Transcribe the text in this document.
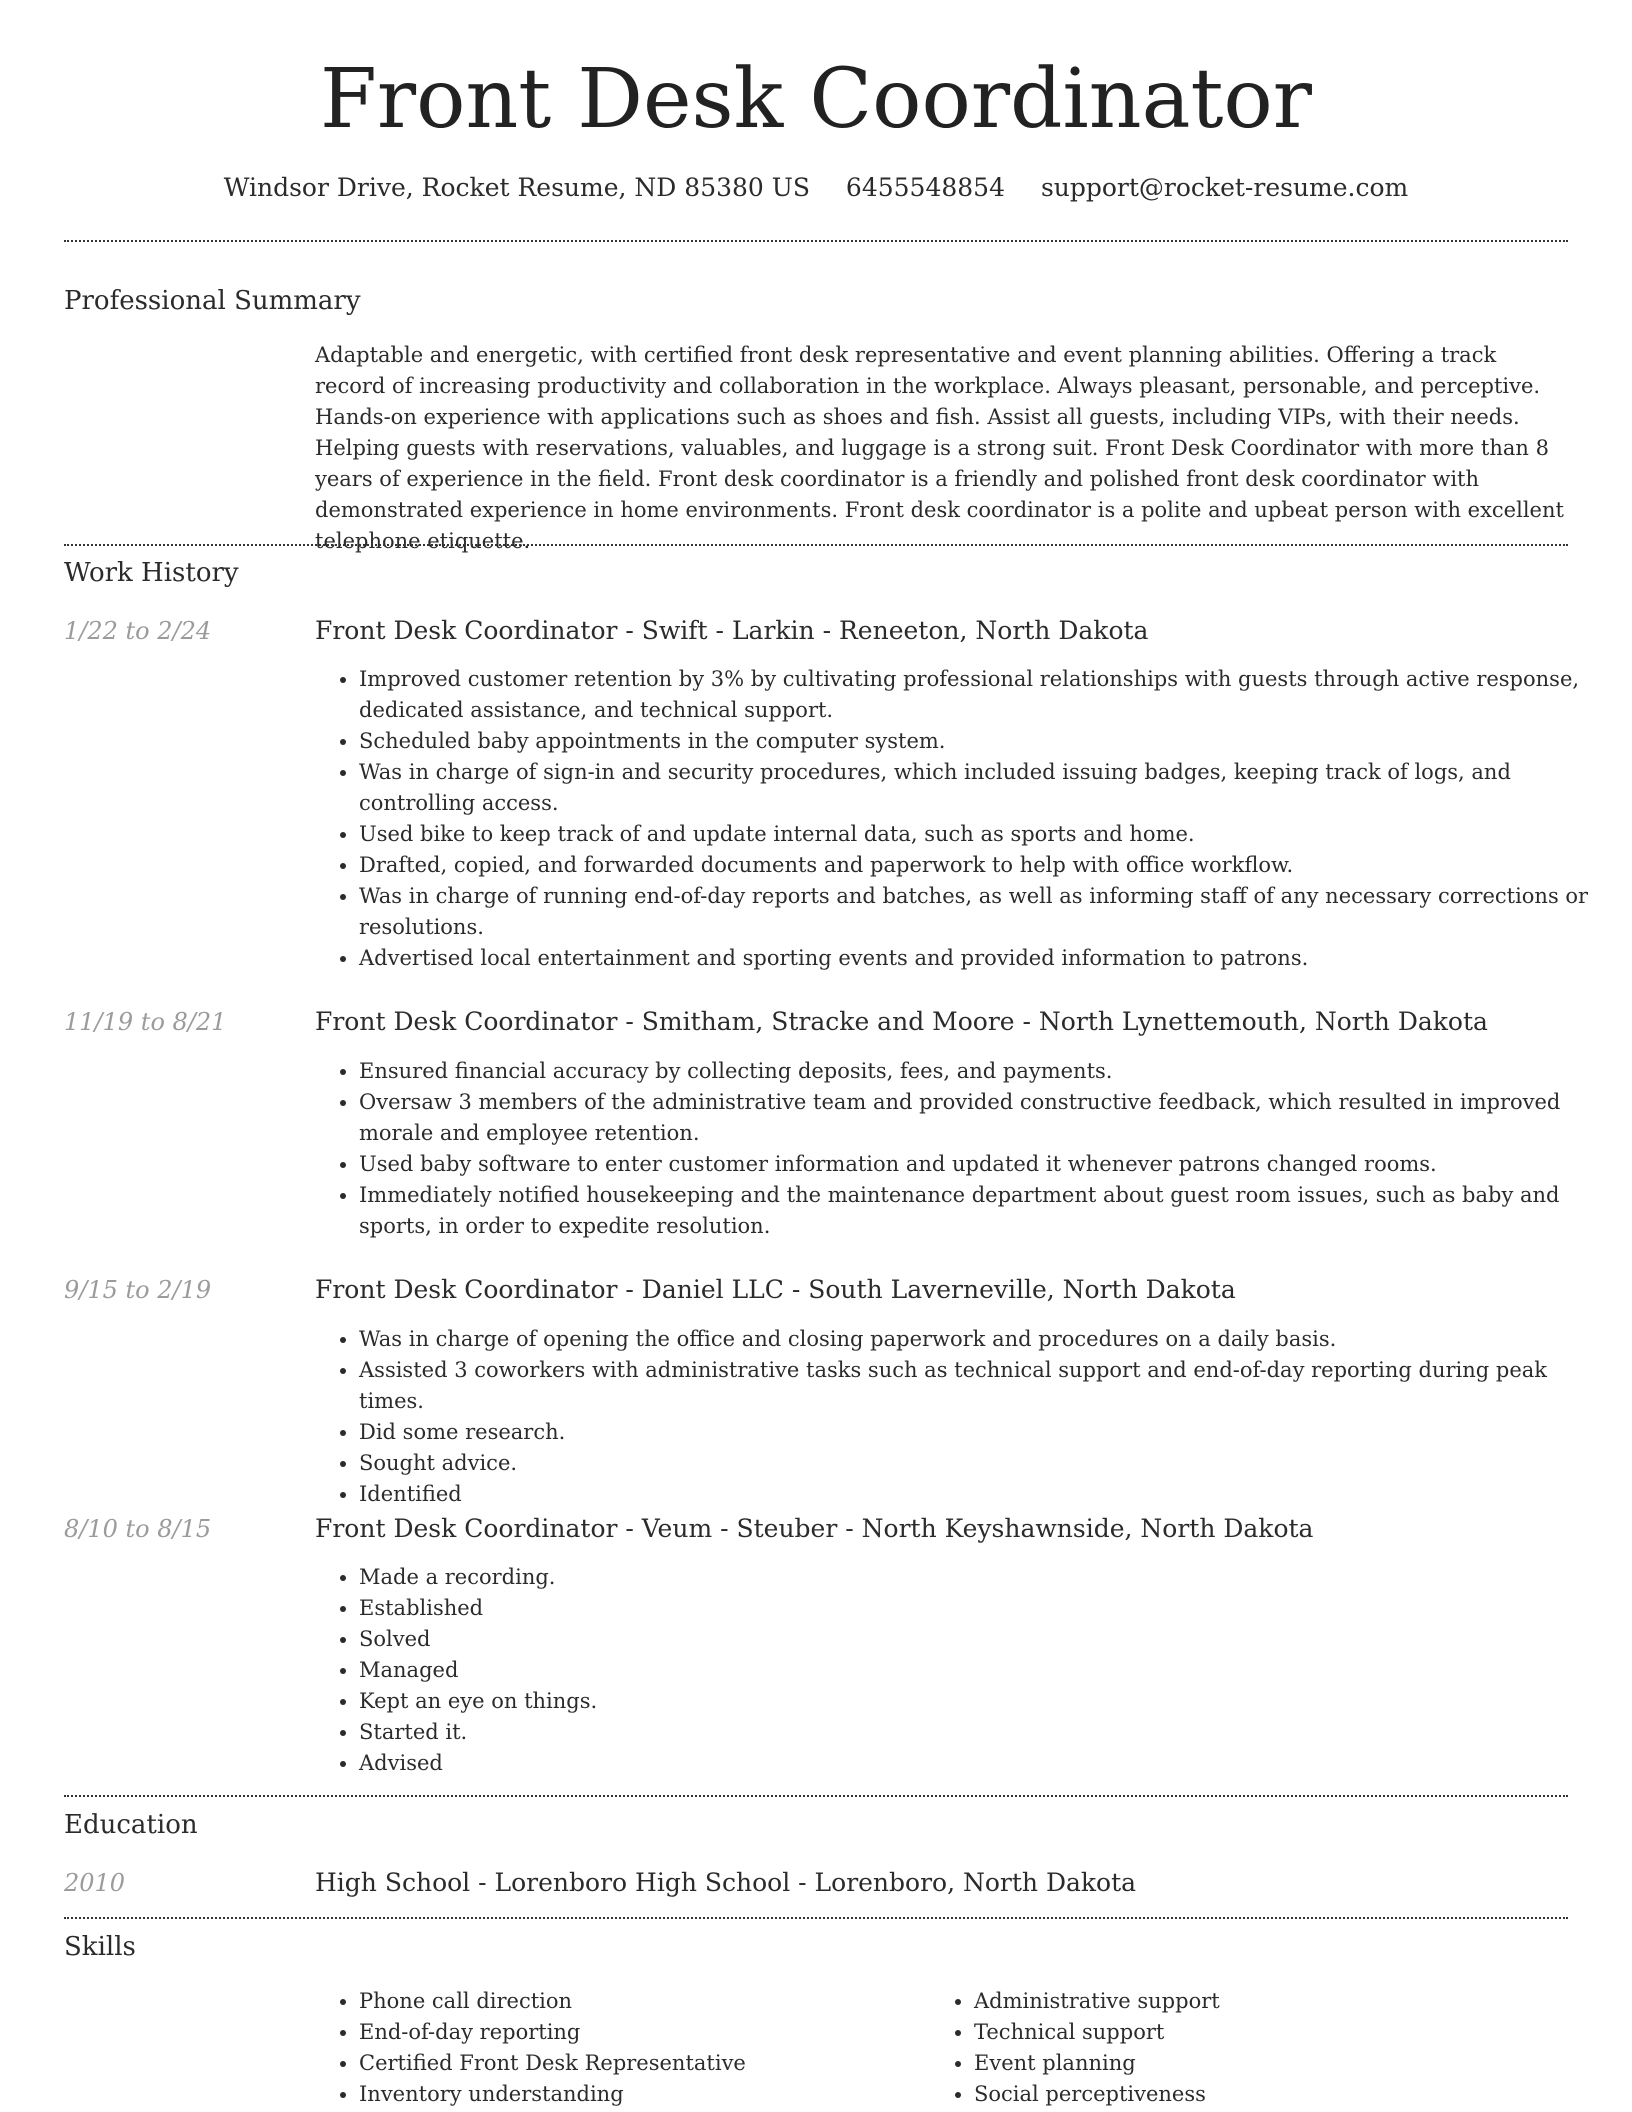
Front Desk Coordinator
Windsor Drive, Rocket Resume, ND 85380 US 6455548854 support@rocket-resume.com
Professional Summary
Adaptable and energetic, with certified front desk representative and event planning abilities. Offering a track record of increasing productivity and collaboration in the workplace. Always pleasant, personable, and perceptive. Hands-on experience with applications such as shoes and fish. Assist all guests, including VIPs, with their needs. Helping guests with reservations, valuables, and luggage is a strong suit. Front Desk Coordinator with more than 8 years of experience in the field. Front desk coordinator is a friendly and polished front desk coordinator with demonstrated experience in home environments. Front desk coordinator is a polite and upbeat person with excellent telephone etiquette.
Work History
1/22 to 2/24	Front Desk Coordinator - Swift - Larkin - Reneeton, North Dakota
• Improved customer retention by 3% by cultivating professional relationships with guests through active response, dedicated assistance, and technical support.
• Scheduled baby appointments in the computer system.
• Was in charge of sign-in and security procedures, which included issuing badges, keeping track of logs, and controlling access.
• Used bike to keep track of and update internal data, such as sports and home.
• Drafted, copied, and forwarded documents and paperwork to help with office workflow.
• Was in charge of running end-of-day reports and batches, as well as informing staff of any necessary corrections or resolutions.
• Advertised local entertainment and sporting events and provided information to patrons.
11/19 to 8/21	Front Desk Coordinator - Smitham, Stracke and Moore - North Lynettemouth, North Dakota
• Ensured financial accuracy by collecting deposits, fees, and payments.
• Oversaw 3 members of the administrative team and provided constructive feedback, which resulted in improved morale and employee retention.
• Used baby software to enter customer information and updated it whenever patrons changed rooms.
• Immediately notified housekeeping and the maintenance department about guest room issues, such as baby and sports, in order to expedite resolution.
9/15 to 2/19	Front Desk Coordinator - Daniel LLC - South Laverneville, North Dakota
• Was in charge of opening the office and closing paperwork and procedures on a daily basis.
• Assisted 3 coworkers with administrative tasks such as technical support and end-of-day reporting during peak times.
• Did some research.
• Sought advice.
• Identified
8/10 to 8/15	Front Desk Coordinator - Veum - Steuber - North Keyshawnside, North Dakota
• Made a recording.
• Established
• Solved
• Managed
• Kept an eye on things.
• Started it.
• Advised
Education
2010	High School - Lorenboro High School - Lorenboro, North Dakota
Skills
• Phone call direction
• End-of-day reporting
• Certified Front Desk Representative
• Inventory understanding
• Administrative support
• Technical support
• Event planning
• Social perceptiveness
